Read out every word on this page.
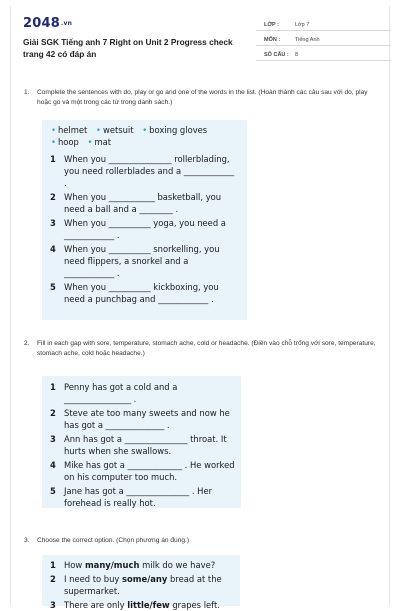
2048.vn
Giải SGK Tiếng anh 7 Right on Unit 2 Progress check trang 42 có đáp án
LỚP :	Lớp 7
MÔN :	Tiếng Anh
SỐ CÂU : 8
1. Complete the sentences with do, play or go and one of the words in the list. (Hoàn thành các câu sau với do, play hoặc go và một trong các từ trong danh sách.)
• helmet • wetsuit • boxing gloves
• hoop • mat
1 When you _______________ rollerblading, you need rollerblades and a ____________ .
2 When you ___________ basketball, you need a ball and a ________ .
3 When you __________ yoga, you need a ____________ .
4 When you __________ snorkelling, you need flippers, a snorkel and a ____________ .
5 When you __________ kickboxing, you need a punchbag and ____________ .
2. Fill in each gap with sore, temperature, stomach ache, cold or headache. (Điền vào chỗ trống với sore, temperature, stomach ache, cold hoặc headache.)
1 Penny has got a cold and a ________________ .
2 Steve ate too many sweets and now he has got a ______________ .
3 Ann has got a _______________ throat. It hurts when she swallows.
4 Mike has got a _____________ . He worked on his computer too much.
5 Jane has got a _______________ . Her forehead is really hot.
3. Choose the correct option. (Chọn phương án đúng.)
1 How many/much milk do we have?
2 I need to buy some/any bread at the supermarket.
3 There are only little/few grapes left.
